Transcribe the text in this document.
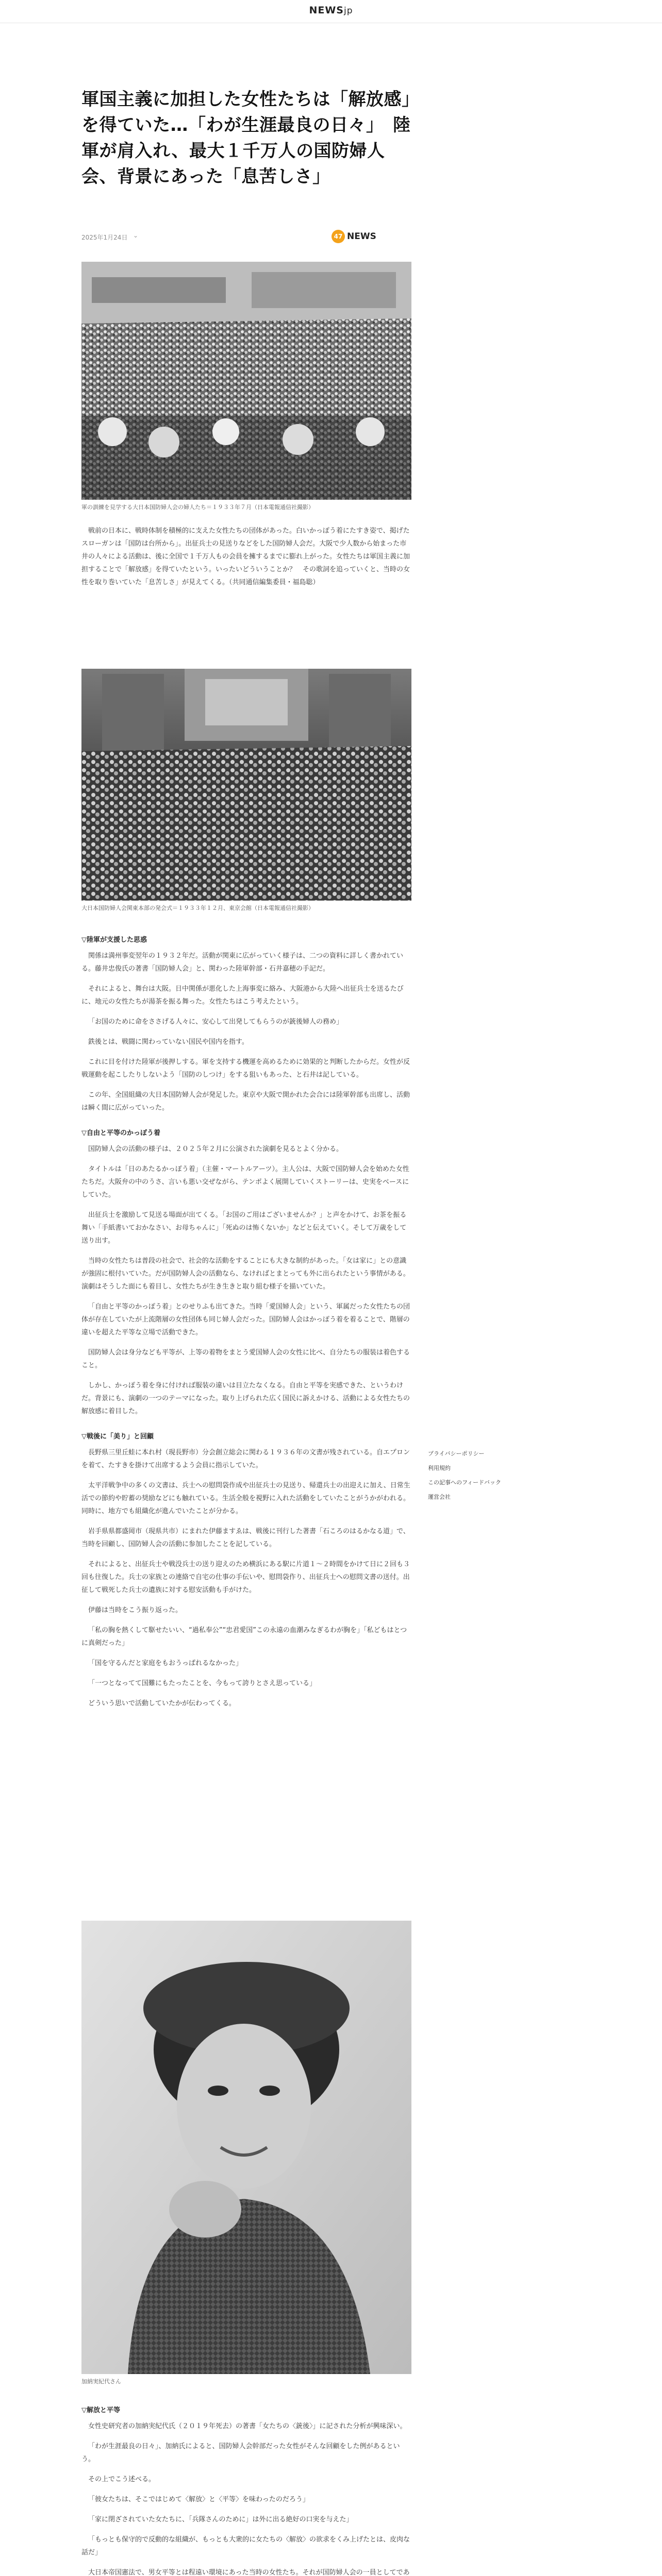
NEWSjp
軍国主義に加担した女性たちは「解放感」を得ていた…「わが生涯最良の日々」　陸軍が肩入れ、最大１千万人の国防婦人会、背景にあった「息苦しさ」
2025年1月24日 ⌄	47 NEWS
軍の訓練を見学する大日本国防婦人会の婦人たち＝１９３３年７月（日本電報通信社撮影）

戦前の日本に、戦時体制を積極的に支えた女性たちの団体があった。白いかっぽう着にたすき姿で、掲げたスローガンは「国防は台所から」。出征兵士の見送りなどをした国防婦人会だ。大阪で少人数から始まった市井の人々による活動は、後に全国で１千万人もの会員を擁するまでに膨れ上がった。女性たちは軍国主義に加担することで「解放感」を得ていたという。いったいどういうことか？　その歌詞を追っていくと、当時の女性を取り巻いていた「息苦しさ」が見えてくる。（共同通信編集委員・福島聡）

大日本国防婦人会関東本部の発会式＝１９３３年１２月、東京会館（日本電報通信社撮影）
▽陸軍が支援した思惑

関係は満州事変翌年の１９３２年だ。活動が関東に広がっていく様子は、二つの資料に詳しく書かれている。藤井忠俊氏の著書「国防婦人会」と、関わった陸軍幹部・石井嘉穂の手記だ。

それによると、舞台は大阪。日中関係が悪化した上海事変に絡み、大阪港から大陸へ出征兵士を送るたびに、地元の女性たちが湯茶を振る舞った。女性たちはこう考えたという。

「お国のために命をささげる人々に、安心して出発してもらうのが銃後婦人の務め」

鉄後とは、戦闘に関わっていない国民や国内を指す。

これに目を付けた陸軍が後押しする。軍を支持する機運を高めるために効果的と判断したからだ。女性が反戦運動を起こしたりしないよう「国防のしつけ」をする狙いもあった、と石井は記している。

この年、全国組織の大日本国防婦人会が発足した。東京や大阪で開かれた会合には陸軍幹部も出席し、活動は瞬く間に広がっていった。

▽自由と平等のかっぽう着

国防婦人会の活動の様子は、２０２５年２月に公演された演劇を見るとよく分かる。

タイトルは「日のあたるかっぽう着」（主催・マートルアーツ）。主人公は、大阪で国防婦人会を始めた女性たちだ。大阪弁の中のうさ、言いも悪い交ぜながら、テンポよく展開していくストーリーは、史実をベースにしていた。

出征兵士を激励して見送る場面が出てくる。「お国のご用はございませんか？」と声をかけて、お茶を振る舞い「手紙書いておかなさい、お母ちゃんに」「死ぬのは怖くないか」などと伝えていく。そして万歳をして送り出す。

当時の女性たちは普段の社会で、社会的な活動をすることにも大きな制約があった。「女は家に」との意識が強固に根付いていた。だが国防婦人会の活動なら、なければとまとっても外に出られたという事情がある。演劇はそうした面にも着目し、女性たちが生き生きと取り組む様子を描いていた。

「自由と平等のかっぽう着」とのせりふも出てきた。当時「愛国婦人会」という、軍属だった女性たちの団体が存在していたが上流階層の女性団体も同じ婦人会だった。国防婦人会はかっぽう着を着ることで、階層の違いを超えた平等な立場で活動できた。

国防婦人会は身分なども平等が、上等の着物をまとう愛国婦人会の女性に比べ、自分たちの服装は着色すること。

しかし、かっぽう着を身に付ければ服装の違いは目立たなくなる。自由と平等を実感できた、というわけだ。背景にも、演劇の一つのテーマになった。取り上げられた広く国民に訴えかける、活動による女性たちの解放感に着目した。

▽戦後に「美り」と回顧

長野県三里丘蛙に本れ村（現長野市）分会創立総会に関わる１９３６年の文書が残されている。自エプロンを着て、たすきを掛けて出席するよう会員に指示していた。

太平洋戦争中の多くの文書は、兵士への慰問袋作成や出征兵士の見送り、帰還兵士の出迎えに加え、日常生活での節約や貯蓄の奨励などにも触れている。生活全般を視野に入れた活動をしていたことがうかがわれる。同時に、地方でも組織化が進んでいたことが分かる。

岩手県県都盛岡市（現県共市）にまれた伊藤ますゑは、戦後に刊行した著書「石ころのはるかなる道」で、当時を回顧し、国防婦人会の活動に参加したことを記している。

それによると、出征兵士や戦没兵士の送り迎えのため横浜にある駅に片道１〜２時間をかけて日に２回も３回も往復した。兵士の家族との連絡で自宅の仕事の手伝いや、慰問袋作り、出征兵士への慰問文書の送付。出征して戦死した兵士の遺族に対する慰安活動も手がけた。

伊藤は当時をこう振り返った。

「私の胸を熱くして駆せたいい、“過私奉公”“忠君愛国”この永遠の血潮みなぎるわが胸を」「私どもはとつに真剣だった」

「国を守るんだと家庭をもおうっぱれるなかった」

「一つとなってて国難にもたったことを、今もって誇りとさえ思っている」

どういう思いで活動していたかが伝わってくる。

プライバシーポリシー
利用規約
この記事へのフィードバック
運営会社
加納実紀代さん
▽解放と平等

女性史研究者の加納実紀代氏（２０１９年死去）の著書「女たちの〈銃後〉」に記された分析が興味深い。

「わが生涯最良の日々」、加納氏によると、国防婦人会幹部だった女性がそんな回顧をした例があるという。

その上でこう述べる。

「彼女たちは、そこではじめて〈解放〉と〈平等〉を味わったのだろう」

「家に閉ざされていた女たちに、「兵隊さんのために」は外に出る絶好の口実を与えた」

「もっとも保守的で反動的な組織が、もっとも大衆的に女たちの〈解放〉の欲求をくみ上げたとは、皮肉な話だ」

大日本帝国憲法で、男女平等とは程遠い環境にあった当時の女性たち。それが国防婦人会の一員としてであ
